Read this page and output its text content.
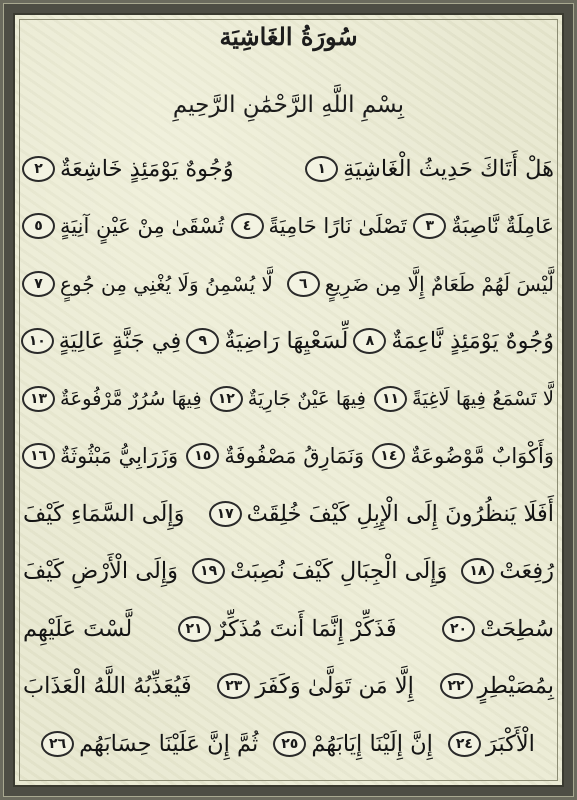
سُورَةُ الغَاشِيَة
بِسْمِ اللَّهِ الرَّحْمَٰنِ الرَّحِيمِ
هَلْ أَتَاكَ حَدِيثُ الْغَاشِيَةِ
١
وُجُوهٌ يَوْمَئِذٍ خَاشِعَةٌ
٢
عَامِلَةٌ نَّاصِبَةٌ
٣
تَصْلَىٰ نَارًا حَامِيَةً
٤
تُسْقَىٰ مِنْ عَيْنٍ آنِيَةٍ
٥
لَّيْسَ لَهُمْ طَعَامٌ إِلَّا مِن ضَرِيعٍ
٦
لَّا يُسْمِنُ وَلَا يُغْنِي مِن جُوعٍ
٧
وُجُوهٌ يَوْمَئِذٍ نَّاعِمَةٌ
٨
لِّسَعْيِهَا رَاضِيَةٌ
٩
فِي جَنَّةٍ عَالِيَةٍ
١٠
لَّا تَسْمَعُ فِيهَا لَاغِيَةً
١١
فِيهَا عَيْنٌ جَارِيَةٌ
١٢
فِيهَا سُرُرٌ مَّرْفُوعَةٌ
١٣
وَأَكْوَابٌ مَّوْضُوعَةٌ
١٤
وَنَمَارِقُ مَصْفُوفَةٌ
١٥
وَزَرَابِيُّ مَبْثُوثَةٌ
١٦
أَفَلَا يَنظُرُونَ إِلَى الْإِبِلِ كَيْفَ خُلِقَتْ
١٧
وَإِلَى السَّمَاءِ كَيْفَ
رُفِعَتْ
١٨
وَإِلَى الْجِبَالِ كَيْفَ نُصِبَتْ
١٩
وَإِلَى الْأَرْضِ كَيْفَ
سُطِحَتْ
٢٠
فَذَكِّرْ إِنَّمَا أَنتَ مُذَكِّرٌ
٢١
لَّسْتَ عَلَيْهِم
بِمُصَيْطِرٍ
٢٢
إِلَّا مَن تَوَلَّىٰ وَكَفَرَ
٢٣
فَيُعَذِّبُهُ اللَّهُ الْعَذَابَ
الْأَكْبَرَ
٢٤
إِنَّ إِلَيْنَا إِيَابَهُمْ
٢٥
ثُمَّ إِنَّ عَلَيْنَا حِسَابَهُم
٢٦
